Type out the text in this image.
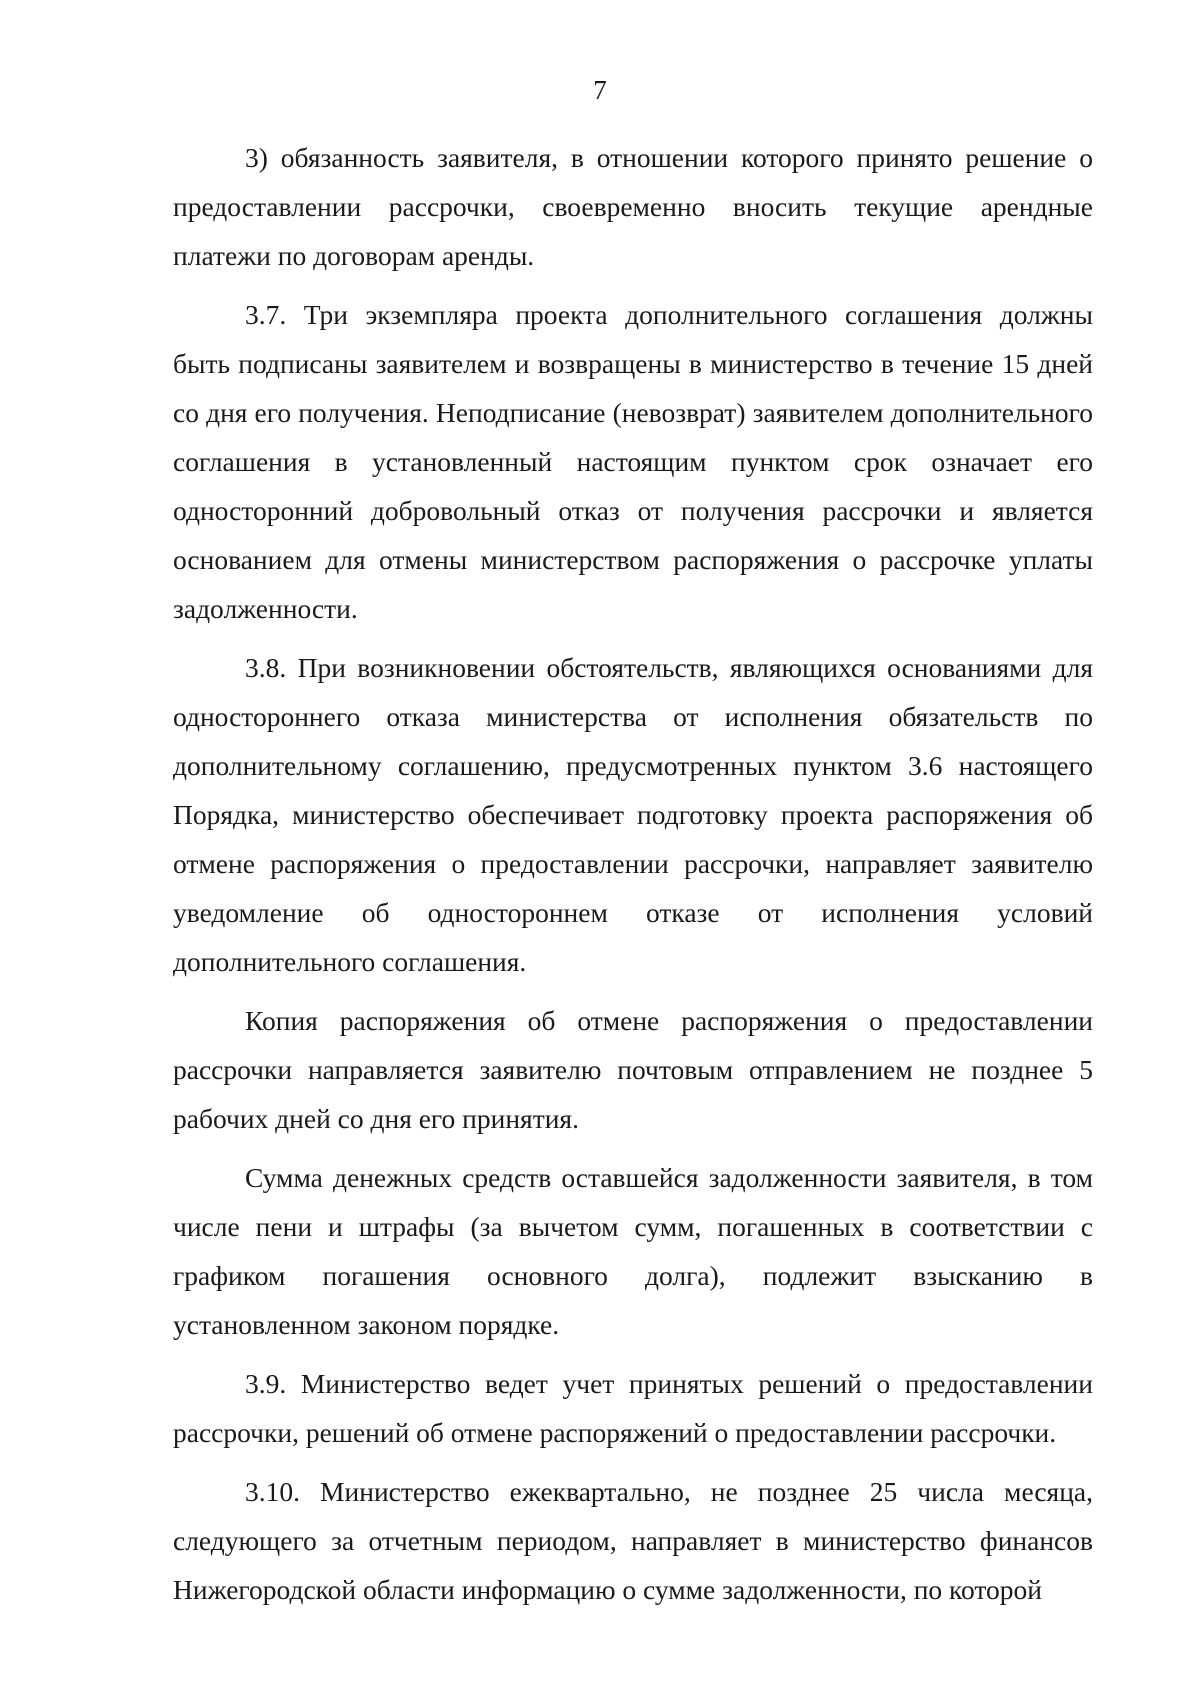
7

3) обязанность заявителя, в отношении которого принято решение о предоставлении рассрочки, своевременно вносить текущие арендные платежи по договорам аренды.

3.7. Три экземпляра проекта дополнительного соглашения должны быть подписаны заявителем и возвращены в министерство в течение 15 дней со дня его получения. Неподписание (невозврат) заявителем дополнительного соглашения в установленный настоящим пунктом срок означает его односторонний добровольный отказ от получения рассрочки и является основанием для отмены министерством распоряжения о рассрочке уплаты задолженности.

3.8. При возникновении обстоятельств, являющихся основаниями для одностороннего отказа министерства от исполнения обязательств по дополнительному соглашению, предусмотренных пунктом 3.6 настоящего Порядка, министерство обеспечивает подготовку проекта распоряжения об отмене распоряжения о предоставлении рассрочки, направляет заявителю уведомление об одностороннем отказе от исполнения условий дополнительного соглашения.

Копия распоряжения об отмене распоряжения о предоставлении рассрочки направляется заявителю почтовым отправлением не позднее 5 рабочих дней со дня его принятия.

Сумма денежных средств оставшейся задолженности заявителя, в том числе пени и штрафы (за вычетом сумм, погашенных в соответствии с графиком погашения основного долга), подлежит взысканию в установленном законом порядке.

3.9. Министерство ведет учет принятых решений о предоставлении рассрочки, решений об отмене распоряжений о предоставлении рассрочки.

3.10. Министерство ежеквартально, не позднее 25 числа месяца, следующего за отчетным периодом, направляет в министерство финансов Нижегородской области информацию о сумме задолженности, по которой
